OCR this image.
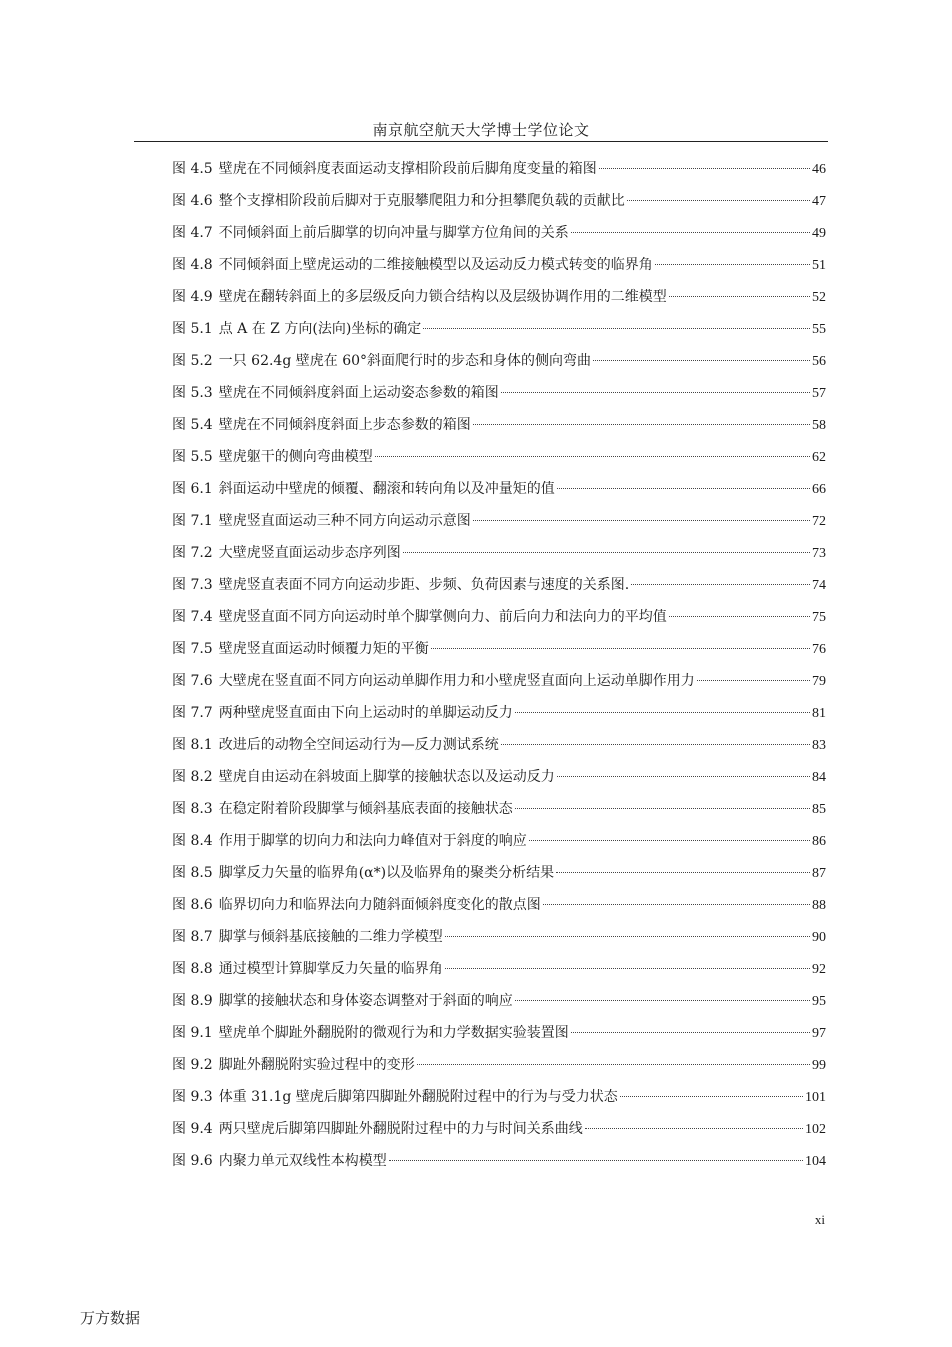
南京航空航天大学博士学位论文
图 4.5 壁虎在不同倾斜度表面运动支撑相阶段前后脚角度变量的箱图	46
图 4.6 整个支撑相阶段前后脚对于克服攀爬阻力和分担攀爬负载的贡献比	47
图 4.7 不同倾斜面上前后脚掌的切向冲量与脚掌方位角间的关系	49
图 4.8 不同倾斜面上壁虎运动的二维接触模型以及运动反力模式转变的临界角	51
图 4.9 壁虎在翻转斜面上的多层级反向力锁合结构以及层级协调作用的二维模型	52
图 5.1 点 A 在 Z 方向(法向)坐标的确定	55
图 5.2 一只 62.4g 壁虎在 60°斜面爬行时的步态和身体的侧向弯曲	56
图 5.3 壁虎在不同倾斜度斜面上运动姿态参数的箱图	57
图 5.4 壁虎在不同倾斜度斜面上步态参数的箱图	58
图 5.5 壁虎躯干的侧向弯曲模型	62
图 6.1 斜面运动中壁虎的倾覆、翻滚和转向角以及冲量矩的值	66
图 7.1 壁虎竖直面运动三种不同方向运动示意图	72
图 7.2 大壁虎竖直面运动步态序列图	73
图 7.3 壁虎竖直表面不同方向运动步距、步频、负荷因素与速度的关系图.	74
图 7.4 壁虎竖直面不同方向运动时单个脚掌侧向力、前后向力和法向力的平均值	75
图 7.5 壁虎竖直面运动时倾覆力矩的平衡	76
图 7.6 大壁虎在竖直面不同方向运动单脚作用力和小壁虎竖直面向上运动单脚作用力	79
图 7.7 两种壁虎竖直面由下向上运动时的单脚运动反力	81
图 8.1 改进后的动物全空间运动行为—反力测试系统	83
图 8.2 壁虎自由运动在斜坡面上脚掌的接触状态以及运动反力	84
图 8.3 在稳定附着阶段脚掌与倾斜基底表面的接触状态	85
图 8.4 作用于脚掌的切向力和法向力峰值对于斜度的响应	86
图 8.5 脚掌反力矢量的临界角(α*)以及临界角的聚类分析结果	87
图 8.6 临界切向力和临界法向力随斜面倾斜度变化的散点图	88
图 8.7 脚掌与倾斜基底接触的二维力学模型	90
图 8.8 通过模型计算脚掌反力矢量的临界角	92
图 8.9 脚掌的接触状态和身体姿态调整对于斜面的响应	95
图 9.1 壁虎单个脚趾外翻脱附的微观行为和力学数据实验装置图	97
图 9.2 脚趾外翻脱附实验过程中的变形	99
图 9.3 体重 31.1g 壁虎后脚第四脚趾外翻脱附过程中的行为与受力状态	101
图 9.4 两只壁虎后脚第四脚趾外翻脱附过程中的力与时间关系曲线	102
图 9.6 内聚力单元双线性本构模型	104
xi
万方数据
